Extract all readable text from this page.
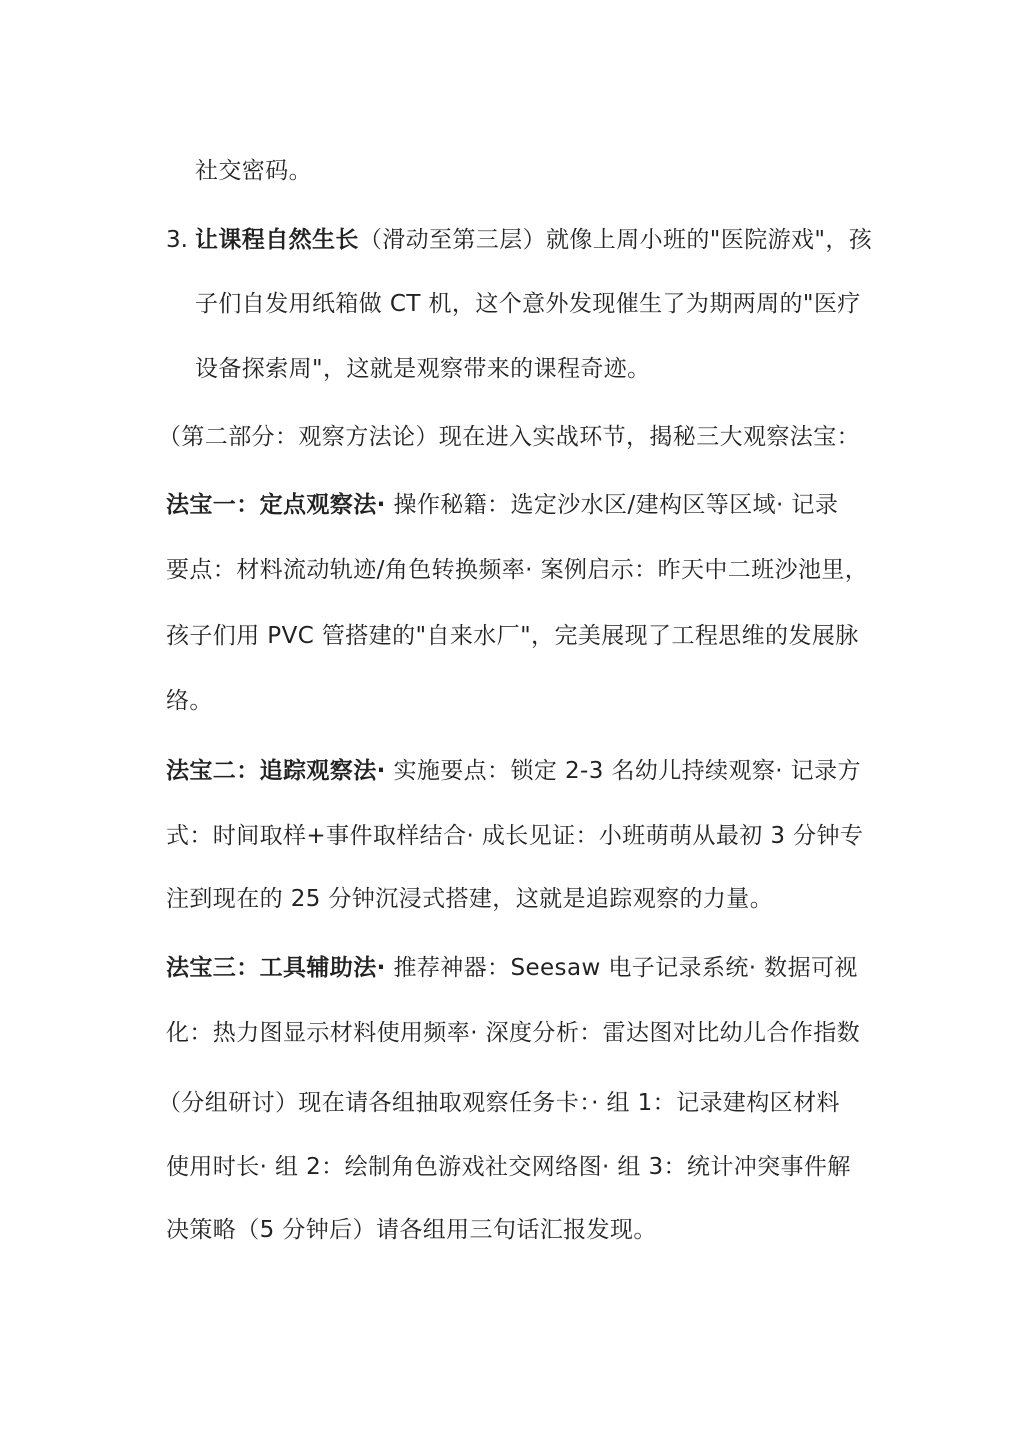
社交密码。
3. 让课程自然生长（滑动至第三层）就像上周小班的"医院游戏"，孩
子们自发用纸箱做 CT 机，这个意外发现催生了为期两周的"医疗
设备探索周"，这就是观察带来的课程奇迹。
（第二部分：观察方法论）现在进入实战环节，揭秘三大观察法宝：
法宝一：定点观察法· 操作秘籍：选定沙水区/建构区等区域· 记录
要点：材料流动轨迹/角色转换频率· 案例启示：昨天中二班沙池里，
孩子们用 PVC 管搭建的"自来水厂"，完美展现了工程思维的发展脉
络。
法宝二：追踪观察法· 实施要点：锁定 2-3 名幼儿持续观察· 记录方
式：时间取样+事件取样结合· 成长见证：小班萌萌从最初 3 分钟专
注到现在的 25 分钟沉浸式搭建，这就是追踪观察的力量。
法宝三：工具辅助法· 推荐神器：Seesaw 电子记录系统· 数据可视
化：热力图显示材料使用频率· 深度分析：雷达图对比幼儿合作指数
（分组研讨）现在请各组抽取观察任务卡：· 组 1：记录建构区材料
使用时长· 组 2：绘制角色游戏社交网络图· 组 3：统计冲突事件解
决策略（5 分钟后）请各组用三句话汇报发现。
